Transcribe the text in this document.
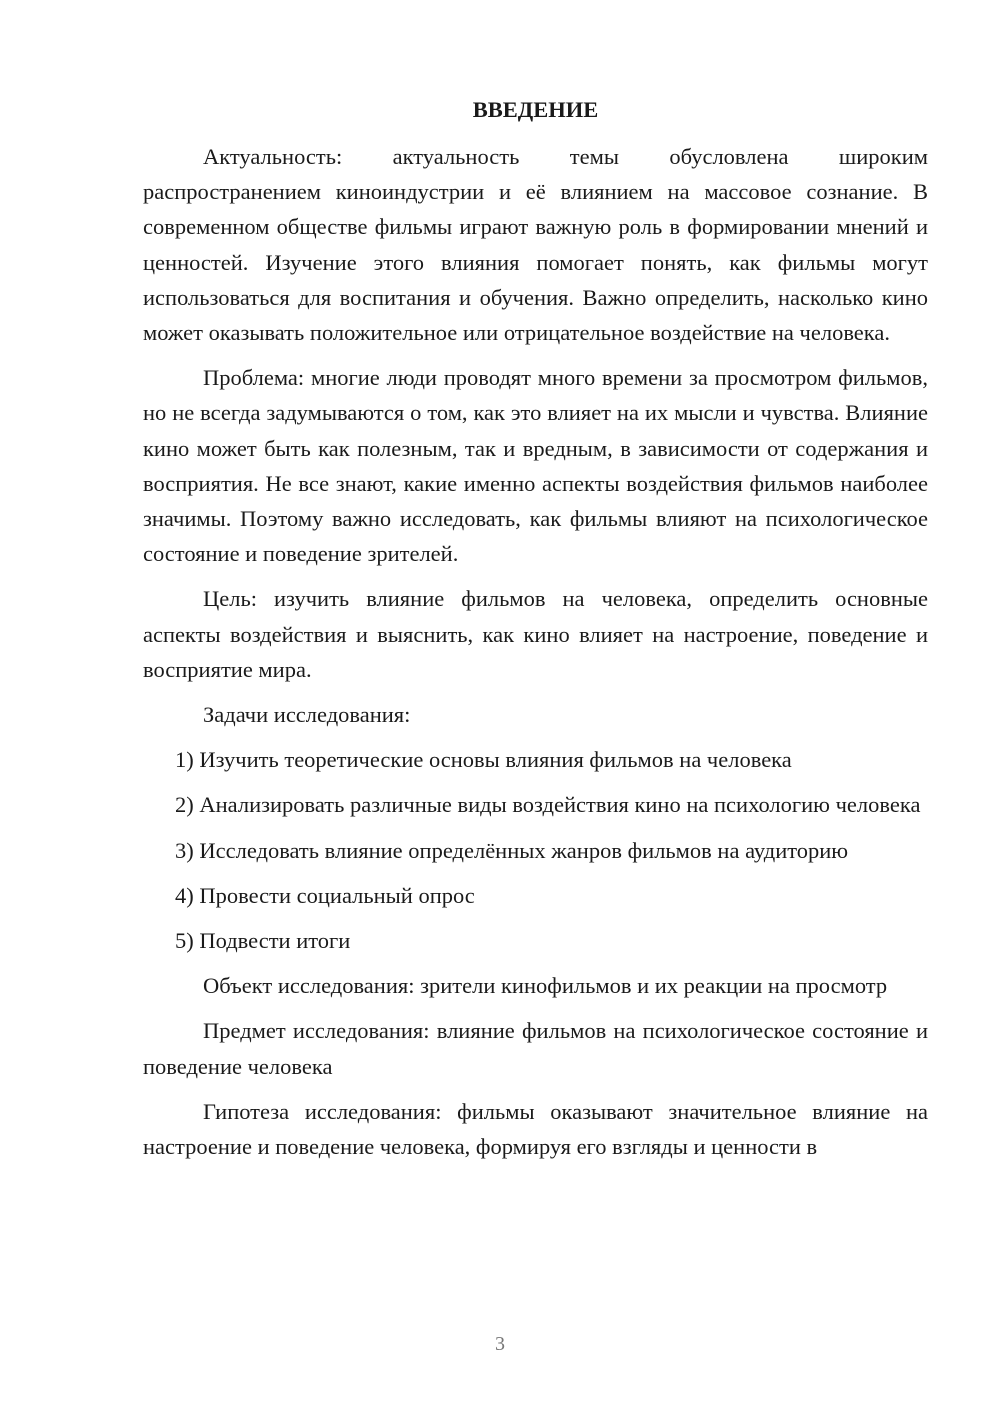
ВВЕДЕНИЕ

Актуальность: актуальность темы обусловлена широким распространением киноиндустрии и её влиянием на массовое сознание. В современном обществе фильмы играют важную роль в формировании мнений и ценностей. Изучение этого влияния помогает понять, как фильмы могут использоваться для воспитания и обучения. Важно определить, насколько кино может оказывать положительное или отрицательное воздействие на человека.

Проблема: многие люди проводят много времени за просмотром фильмов, но не всегда задумываются о том, как это влияет на их мысли и чувства. Влияние кино может быть как полезным, так и вредным, в зависимости от содержания и восприятия. Не все знают, какие именно аспекты воздействия фильмов наиболее значимы. Поэтому важно исследовать, как фильмы влияют на психологическое состояние и поведение зрителей.

Цель: изучить влияние фильмов на человека, определить основные аспекты воздействия и выяснить, как кино влияет на настроение, поведение и восприятие мира.

Задачи исследования:

1) Изучить теоретические основы влияния фильмов на человека

2) Анализировать различные виды воздействия кино на психологию человека

3) Исследовать влияние определённых жанров фильмов на аудиторию

4) Провести социальный опрос

5) Подвести итоги

Объект исследования: зрители кинофильмов и их реакции на просмотр

Предмет исследования: влияние фильмов на психологическое состояние и поведение человека

Гипотеза исследования: фильмы оказывают значительное влияние на настроение и поведение человека, формируя его взгляды и ценности в

3
